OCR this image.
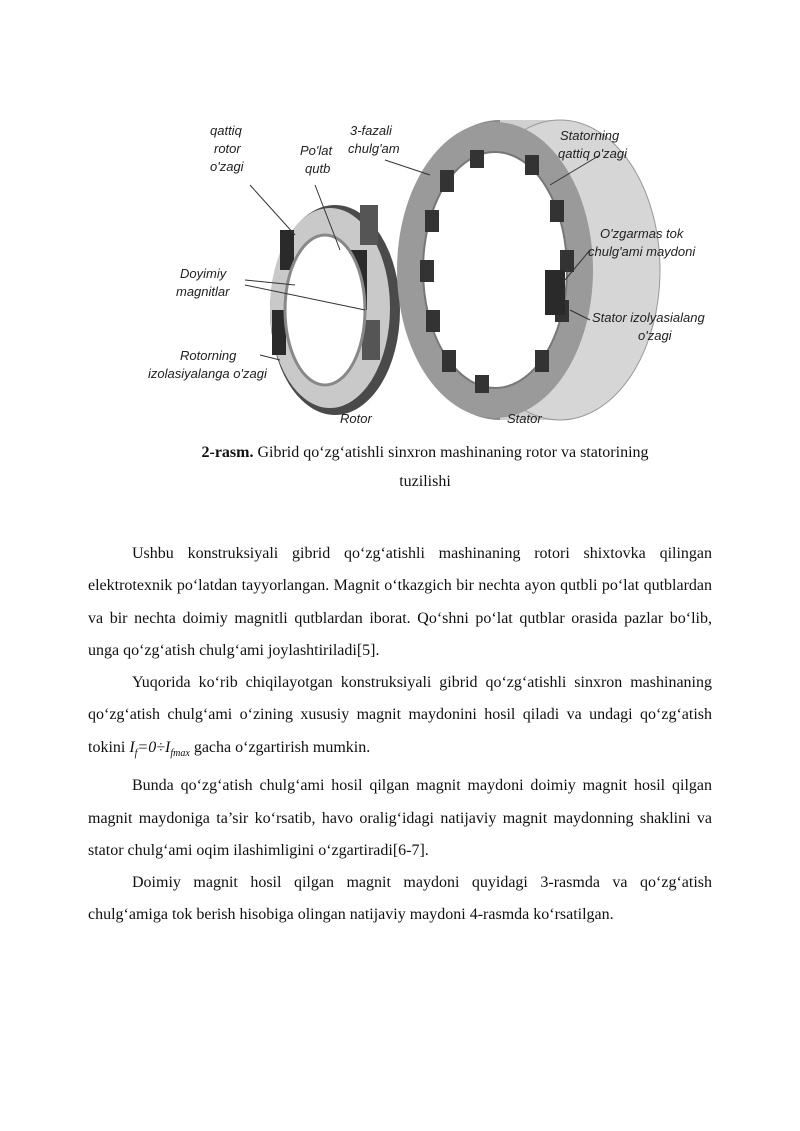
qattiq
rotor
o'zagi
Po'lat
qutb
3-fazali
chulg'am
Statorning
qattiq o'zagi
O'zgarmas tok
chulg'ami maydoni
Doyimiy
magnitlar
Stator izolyasialang
o'zagi
Rotorning
izolasiyalanga o'zagi
Rotor	Stator
2-rasm. Gibrid qo‘zg‘atishli sinxron mashinaning rotor va statorining
tuzilishi

Ushbu konstruksiyali gibrid qo‘zg‘atishli mashinaning rotori shixtovka qilingan elektrotexnik po‘latdan tayyorlangan. Magnit o‘tkazgich bir nechta ayon qutbli po‘lat qutblardan va bir nechta doimiy magnitli qutblardan iborat. Qo‘shni po‘lat qutblar orasida pazlar bo‘lib, unga qo‘zg‘atish chulg‘ami joylashtiriladi[5].

Yuqorida ko‘rib chiqilayotgan konstruksiyali gibrid qo‘zg‘atishli sinxron mashinaning qo‘zg‘atish chulg‘ami o‘zining xususiy magnit maydonini hosil qiladi va undagi qo‘zg‘atish tokini $I_f=0\div I_{fmax}$ gacha o‘zgartirish mumkin.

Bunda qo‘zg‘atish chulg‘ami hosil qilgan magnit maydoni doimiy magnit hosil qilgan magnit maydoniga ta’sir ko‘rsatib, havo oralig‘idagi natijaviy magnit maydonning shaklini va stator chulg‘ami oqim ilashimligini o‘zgartiradi[6-7].

Doimiy magnit hosil qilgan magnit maydoni quyidagi 3-rasmda va qo‘zg‘atish chulg‘amiga tok berish hisobiga olingan natijaviy maydoni 4-rasmda ko‘rsatilgan.
